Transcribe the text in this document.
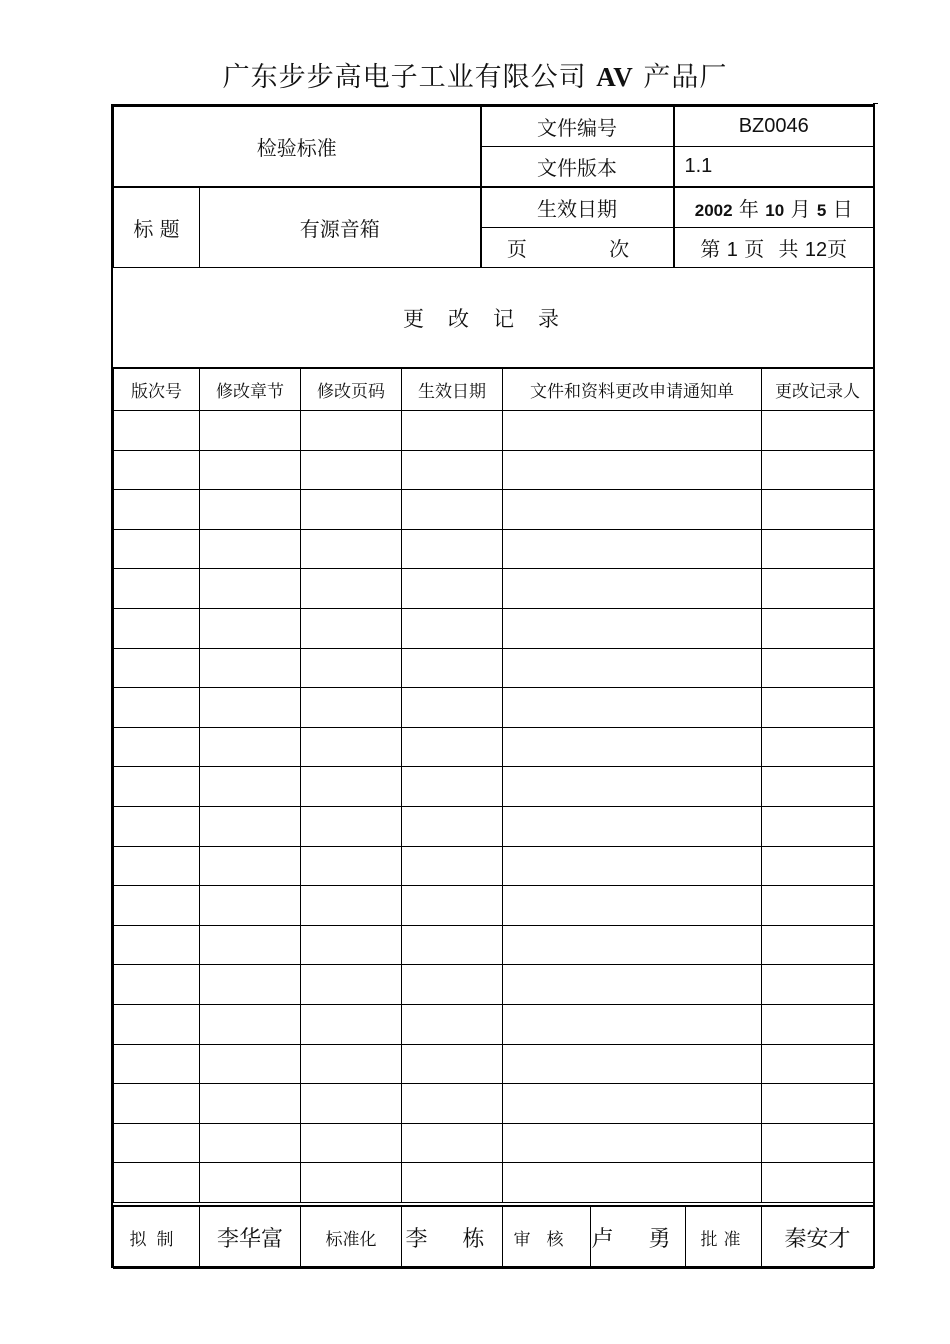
广东步步高电子工业有限公司 AV 产品厂
检验标准		文件编号	BZ0046
		文件版本	1.1
标 题	有源音箱	生效日期	2002 年 10 月 5 日
		页 次	第 1 页 共 12页
更改记录
版次号	修改章节	修改页码	生效日期	文件和资料更改申请通知单	更改记录人

拟制	李华富	标准化	李 栋	审核	卢 勇	批准	秦安才
